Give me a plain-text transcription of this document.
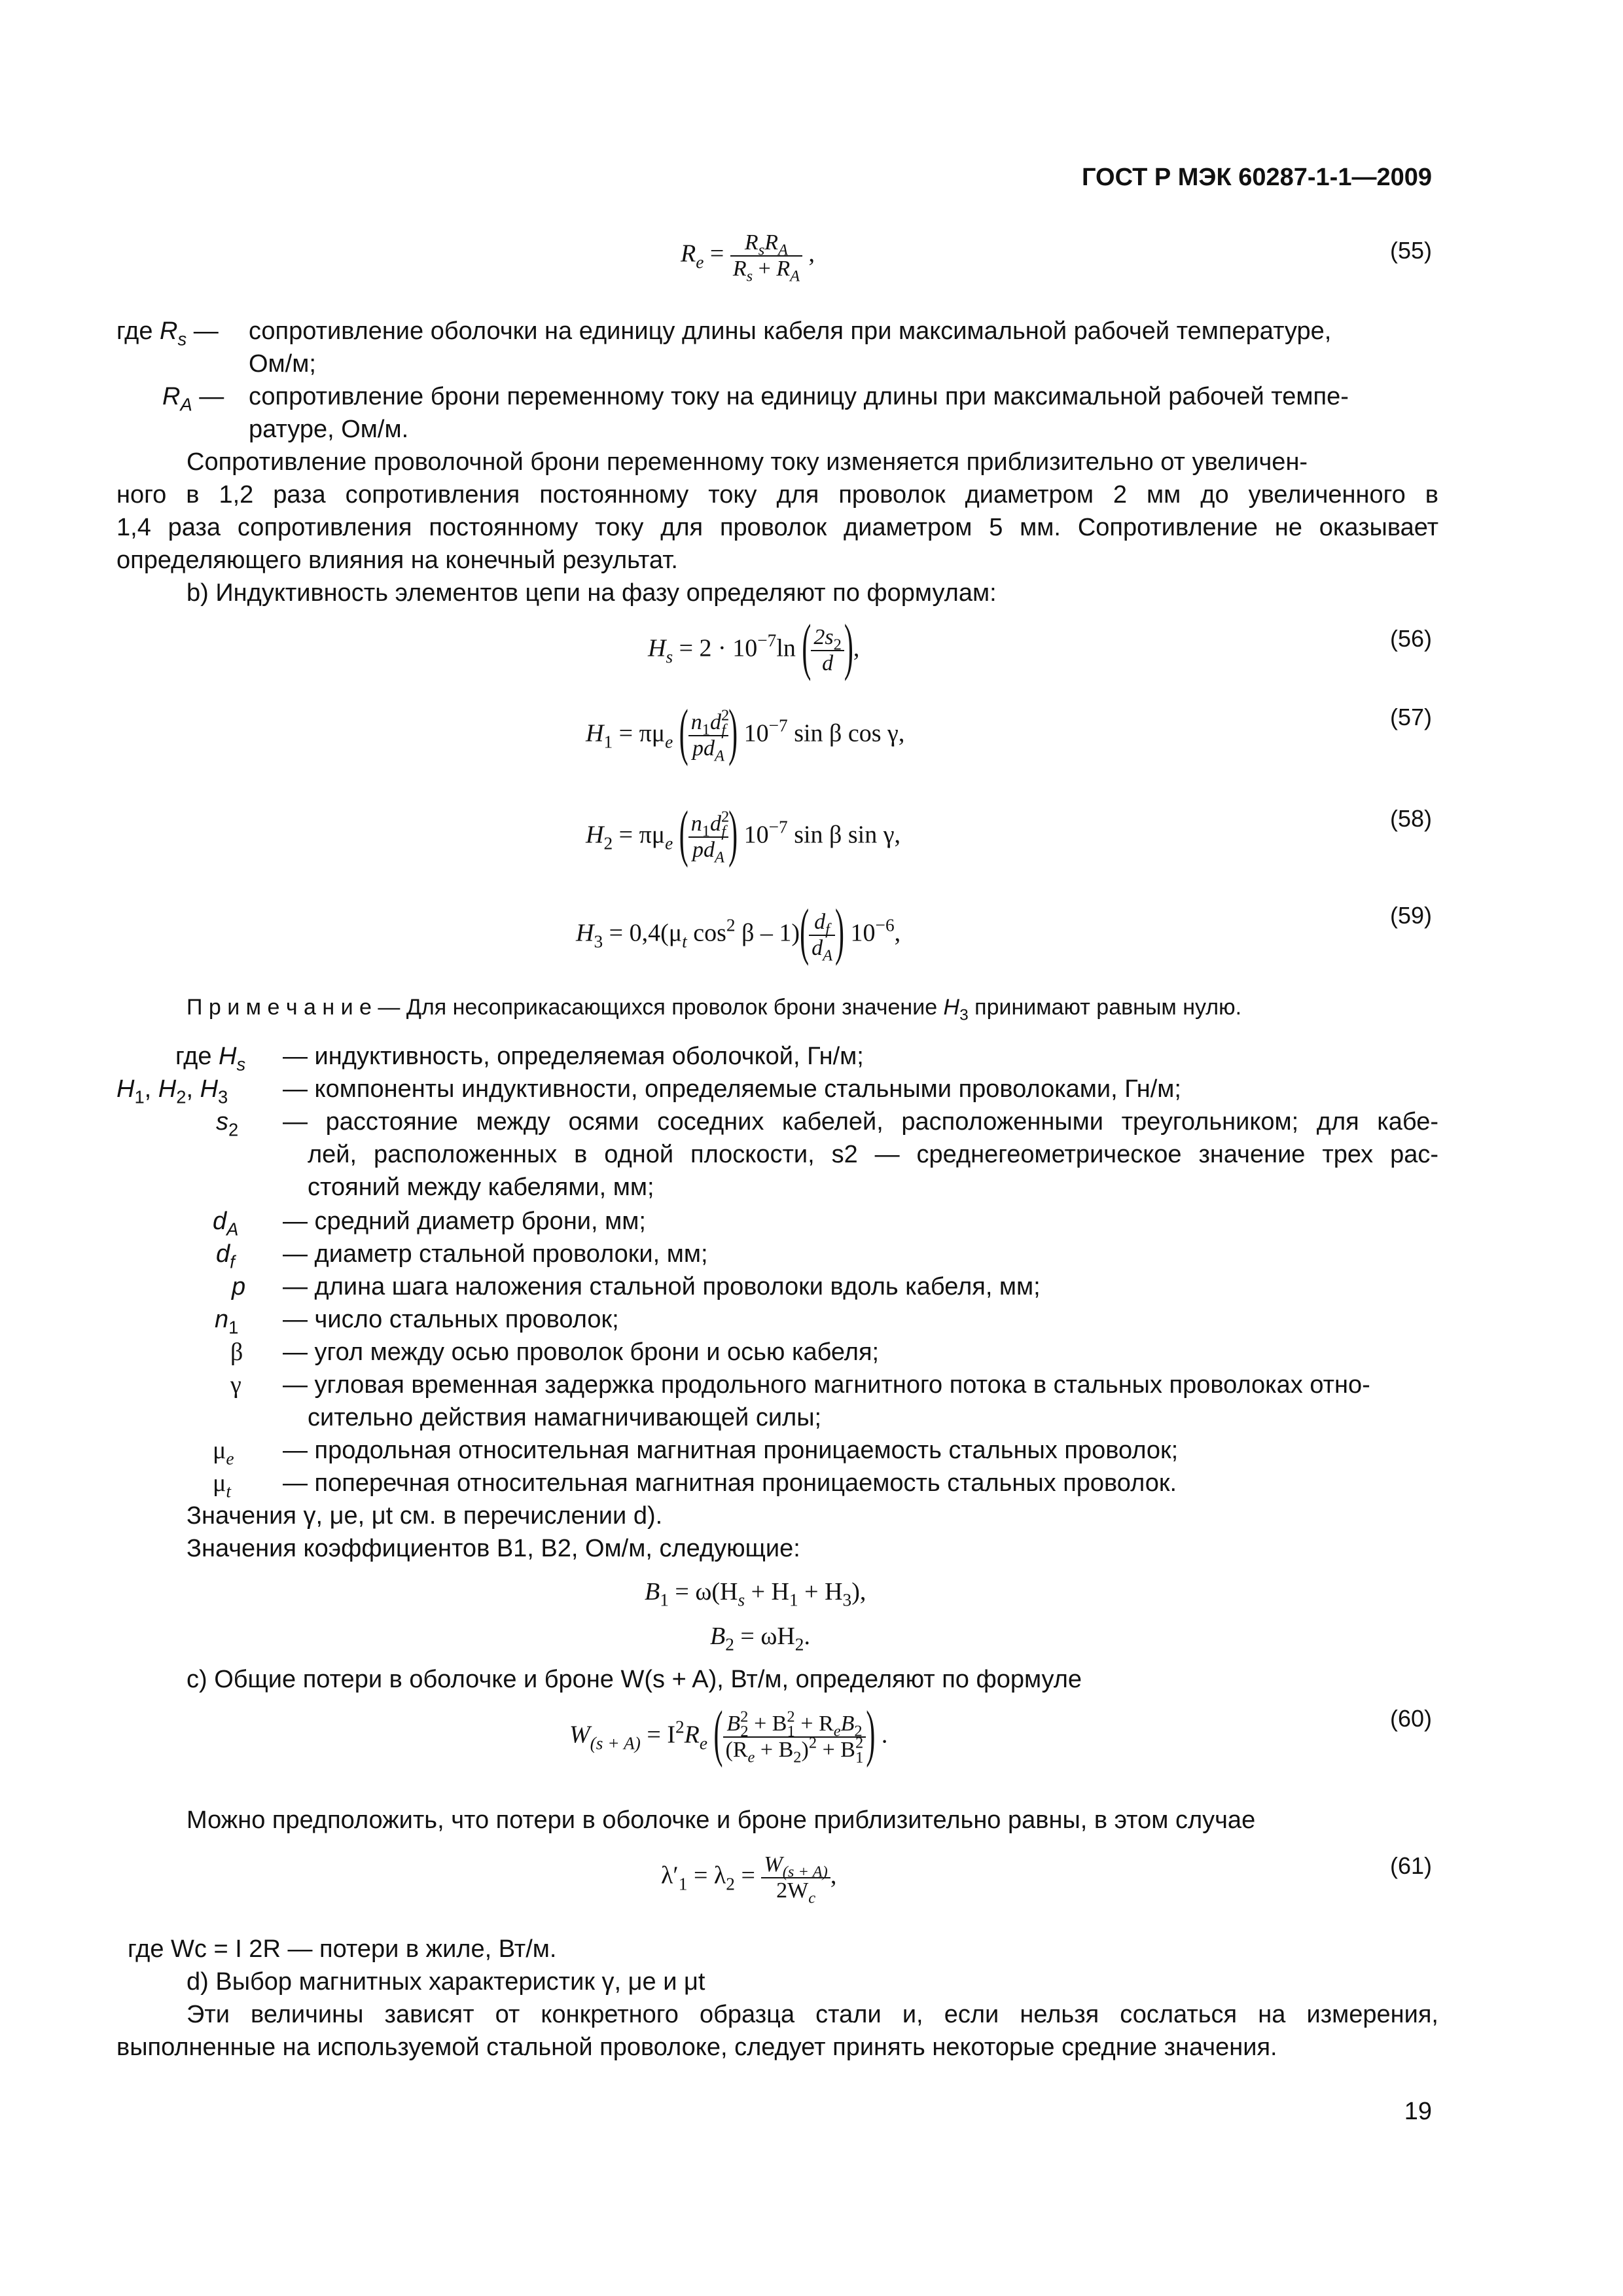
ГОСТ Р МЭК 60287-1-1—2009
$R_e = \frac{R_sR_A}{R_s + R_A}$ ,	(55)
где $R_s$ — сопротивление оболочки на единицу длины кабеля при максимальной рабочей температуре,
Ом/м;
$R_A$ — сопротивление брони переменному току на единицу длины при максимальной рабочей темпе-
ратуре, Ом/м.
Сопротивление проволочной брони переменному току изменяется приблизительно от увеличен-
ного в 1,2 раза сопротивления постоянному току для проволок диаметром 2 мм до увеличенного в
1,4 раза сопротивления постоянному току для проволок диаметром 5 мм. Сопротивление не оказывает
определяющего влияния на конечный результат.
b) Индуктивность элементов цепи на фазу определяют по формулам:
$H_s = 2 \cdot 10^{-7}\ln$ ( $\frac{2s_2}{d}$ ),	(56)
$H_1 = \pi\mu_e$ ( $\frac{n_1d^2_f}{pd_A}$ ) $10^{-7}$ sin β cos γ,
(57)
$H_2 = \pi\mu_e$ ( $\frac{n_1d^2_f}{pd_A}$ ) $10^{-7}$ sin β sin γ,
(58)
$H_3 = 0,4(\mu_t$ $\cos^2 \beta - 1)( \frac{d_f}{d_A}$ ) $10^{-6}$,
(59)
П р и м е ч а н и е — Для несоприкасающихся проволок брони значение $H_3$ принимают равным нулю.
где $H_s$ — индуктивность, определяемая оболочкой, Гн/м;
$H_1$, $H_2$, $H_3$ — компоненты индуктивности, определяемые стальными проволоками, Гн/м;
$s_2$ — расстояние между осями соседних кабелей, расположенными треугольником; для кабе-
лей, расположенных в одной плоскости, s2 — среднегеометрическое значение трех рас-
стояний между кабелями, мм;
$d_A$ — средний диаметр брони, мм;
$d_f$ — диаметр стальной проволоки, мм;
p — длина шага наложения стальной проволоки вдоль кабеля, мм;
$n_1$ — число стальных проволок;
β — угол между осью проволок брони и осью кабеля;
γ — угловая временная задержка продольного магнитного потока в стальных проволоках отно-
сительно действия намагничивающей силы;
$\mu_e$ — продольная относительная магнитная проницаемость стальных проволок;
$\mu_t$ — поперечная относительная магнитная проницаемость стальных проволок.
Значения γ, μe, μt см. в перечислении d).
Значения коэффициентов B1, B2, Ом/м, следующие:
$B_1 = \omega(H_s + H_1 + H_3)$,
$B_2 = \omega H_2$.
c) Общие потери в оболочке и броне W(s + A), Вт/м, определяют по формуле
$W_{(s + A)} = I^2R_e$ ( $\frac{B^2_2 + B^2_1 + R_eB_2}{(R_e + B_2)^2 + B^2_1}$ ) .
(60)
Можно предположить, что потери в оболочке и броне приблизительно равны, в этом случае
$\lambda'_1 = \lambda_2 = \frac{W_{(s + A)}}{2W_c}$ ,	(61)
где Wc = I 2R — потери в жиле, Вт/м.
d) Выбор магнитных характеристик γ, μe и μt
Эти величины зависят от конкретного образца стали и, если нельзя сослаться на измерения,
выполненные на используемой стальной проволоке, следует принять некоторые средние значения.
19
